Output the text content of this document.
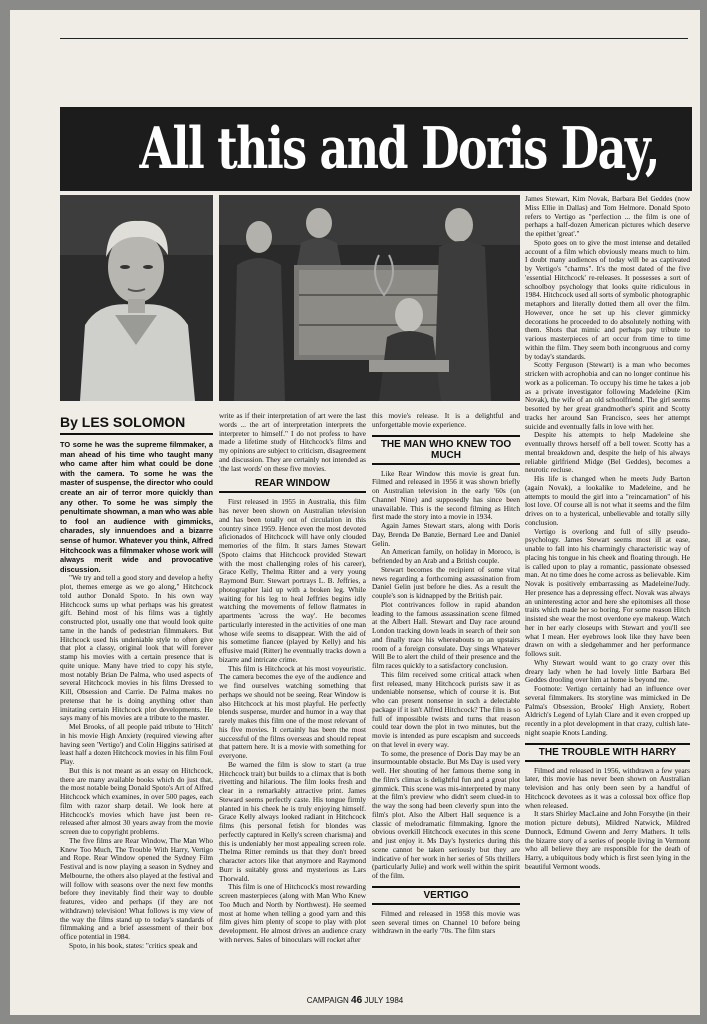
All this and Doris Day,
By LES SOLOMON

TO some he was the supreme filmmaker, a man ahead of his time who taught many who came after him what could be done with the camera. To some he was the master of suspense, the director who could create an air of terror more quickly than any other. To some he was simply the penultimate showman, a man who was able to fool an audience with gimmicks, charades, sly innuendoes and a bizarre sense of humor. Whatever you think, Alfred Hitchcock was a filmmaker whose work will always merit wide and provocative discussion.

"We try and tell a good story and develop a hefty plot, themes emerge as we go along," Hitchcock told author Donald Spoto. In his own way Hitchcock sums up what perhaps was his greatest gift. Behind most of his films was a tightly constructed plot, usually one that would look quite tame in the hands of pedestrian filmmakers. But Hitchcock used his undeniable style to often give that plot a classy, original look that will forever stamp his movies with a certain presence that is quite unique. Many have tried to copy his style, most notably Brian De Palma, who used aspects of several Hitchcock movies in his films Dressed to Kill, Obsession and Carrie. De Palma makes no pretense that he is doing anything other than imitating certain Hitchcock plot developments. He says many of his movies are a tribute to the master.

Mel Brooks, of all people paid tribute to 'Hitch' in his movie High Anxiety (required viewing after having seen 'Vertigo') and Colin Higgins satirised at least half a dozen Hitchcock movies in his film Foul Play.

But this is not meant as an essay on Hitchcock, there are many available books which do just that, the most notable being Donald Spoto's Art of Alfred Hitchcock which examines, in over 500 pages, each film with razor sharp detail. We look here at Hitchcock's movies which have just been re-released after almost 30 years away from the movie screen due to copyright problems.

The five films are Rear Window, The Man Who Knew Too Much, The Trouble With Harry, Vertigo and Rope. Rear Window opened the Sydney Film Festival and is now playing a season in Sydney and Melbourne, the others also played at the festival and will follow with seasons over the next few months before they inevitably find their way to double features, video and perhaps (if they are not withdrawn) television! What follows is my view of the way the films stand up to today's standards of filmmaking and a brief assessment of their box office potential in 1984.

Spoto, in his book, states: "critics speak and

write as if their interpretation of art were the last words ... the art of interpretation interprets the interpreter to himself." I do not profess to have made a lifetime study of Hitchcock's films and my opinions are subject to criticism, disagreement and discussion. They are certainly not intended as 'the last words' on these five movies.

REAR WINDOW

First released in 1955 in Australia, this film has never been shown on Australian television and has been totally out of circulation in this country since 1959. Hence even the most devoted aficionados of Hitchcock will have only clouded memories of the film. It stars James Stewart (Spoto claims that Hitchcock provided Stewart with the most challenging roles of his career), Grace Kelly, Thelma Ritter and a very young Raymond Burr. Stewart portrays L. B. Jeffries, a photographer laid up with a broken leg. While waiting for his leg to heal Jeffries begins idly watching the movements of fellow flatmates in apartments 'across the way'. He becomes particularly interested in the activities of one man whose wife seems to disappear. With the aid of his sometime fiancee (played by Kelly) and his effusive maid (Ritter) he eventually tracks down a bizarre and intricate crime.

This film is Hitchcock at his most voyeuristic. The camera becomes the eye of the audience and we find ourselves watching something that perhaps we should not be seeing. Rear Window is also Hitchcock at his most playful. He perfectly blends suspense, murder and humor in a way that rarely makes this film one of the most relevant of his five movies. It certainly has been the most successful of the films overseas and should repeat that pattern here. It is a movie with something for everyone.

Be warned the film is slow to start (a true Hitchcock trait) but builds to a climax that is both rivetting and hilarious. The film looks fresh and clear in a remarkably attractive print. James Steward seems perfectly caste. His tongue firmly planted in his cheek he is truly enjoying himself. Grace Kelly always looked radiant in Hitchcock films (his personal fetish for blondes was perfectly captured in Kelly's screen charisma) and this is undeniably her most appealing screen role. Thelma Ritter reminds us that they don't breed character actors like that anymore and Raymond Burr is suitably gross and mysterious as Lars Thorwald.

This film is one of Hitchcock's most rewarding screen masterpieces (along with Man Who Knew Too Much and North by Northwest). He seemed most at home when telling a good yarn and this film gives him plenty of scope to play with plot development. He almost drives an audience crazy with nerves. Sales of binoculars will rocket after

this movie's release. It is a delightful and unforgettable movie experience.

THE MAN WHO KNEW TOO MUCH

Like Rear Window this movie is great fun. Filmed and released in 1956 it was shown briefly on Australian television in the early '60s (on Channel Nine) and supposedly has since been unavailable. This is the second filming as Hitch first made the story into a movie in 1934.

Again James Stewart stars, along with Doris Day, Brenda De Banzie, Bernard Lee and Daniel Gelin.

An American family, on holiday in Moroco, is befriended by an Arab and a British couple.

Stewart becomes the recipient of some vital news regarding a forthcoming assassination from Daniel Gelin just before he dies. As a result the couple's son is kidnapped by the British pair.

Plot contrivances follow in rapid abandon leading to the famous assassination scene filmed at the Albert Hall. Stewart and Day race around London tracking down leads in search of their son and finally trace his whereabouts to an upstairs room of a foreign consulate. Day sings Whatever Will Be to alert the child of their presence and the film races quickly to a satisfactory conclusion.

This film received some critical attack when first released, many Hitchcock purists saw it as undeniable nonsense, which of course it is. But who can present nonsense in such a delectable package if it isn't Alfred Hitchcock? The film is so full of impossible twists and turns that reason could tear down the plot in two minutes, but the movie is intended as pure escapism and succeeds on that level in every way.

To some, the presence of Doris Day may be an insurmountable obstacle. But Ms Day is used very well. Her shouting of her famous theme song in the film's climax is delightful fun and a great plot gimmick. This scene was mis-interpreted by many at the film's preview who didn't seem clued-in to the way the song had been cleverly spun into the film's plot. Also the Albert Hall sequence is a classic of melodramatic filmmaking. Ignore the obvious overkill Hitchcock executes in this scene and just enjoy it. Ms Day's hysterics during this scene cannot be taken seriously but they are indicative of her work in her series of 50s thrillers (particularly Julie) and work well within the spirit of the film.

VERTIGO

Filmed and released in 1958 this movie was seen several times on Channel 10 before being withdrawn in the early '70s. The film stars

James Stewart, Kim Novak, Barbara Bel Geddes (now Miss Ellie in Dallas) and Tom Helmore. Donald Spoto refers to Vertigo as "perfection ... the film is one of perhaps a half-dozen American pictures which deserve the epithet 'great'."

Spoto goes on to give the most intense and detailed account of a film which obviously means much to him. I doubt many audiences of today will be as captivated by Vertigo's "charms". It's the most dated of the five 'essential Hitchcock' re-releases. It possesses a sort of schoolboy psychology that looks quite ridiculous in 1984. Hitchcock used all sorts of symbolic photographic metaphors and literally dotted them all over the film. However, once he set up his clever gimmicky decorations he proceeded to do absolutely nothing with them. Shots that mimic and perhaps pay tribute to various masterpieces of art occur from time to time within the film. They seem both incongruous and corny by today's standards.

Scotty Ferguson (Stewart) is a man who becomes stricken with acrophobia and can no longer continue his work as a policeman. To occupy his time he takes a job as a private investigator following Madeleine (Kim Novak), the wife of an old schoolfriend. The girl seems besotted by her great grandmother's spirit and Scotty tracks her around San Francisco, sees her attempt suicide and eventually falls in love with her.

Despite his attempts to help Madeleine she eventually throws herself off a bell tower. Scotty has a mental breakdown and, despite the help of his always reliable girlfriend Midge (Bel Geddes), becomes a neurotic recluse.

His life is changed when he meets Judy Barton (again Novak), a lookalike to Madeleine, and he attempts to mould the girl into a "reincarnation" of his lost love. Of course all is not what it seems and the film drives on to a hysterical, unbelievable and totally silly conclusion.

Vertigo is overlong and full of silly pseudo-psychology. James Stewart seems most ill at ease, unable to fall into his charmingly characteristic way of placing his tongue in his cheek and floating through. He is called upon to play a romantic, passionate obsessed man. At no time does he come across as believable. Kim Novak is positively embarrassing as Madeleine/Judy. Her presence has a depressing effect. Novak was always an uninteresting actor and here she epitomises all those traits which made her so boring. For some reason Hitch insisted she wear the most overdone eye makeup. Watch her in her early closeups with Stewart and you'll see what I mean. Her eyebrows look like they have been drawn on with a sledgehammer and her performance follows suit.

Why Stewart would want to go crazy over this dreary lady when he had lovely little Barbara Bel Geddes drooling over him at home is beyond me.

Footnote: Vertigo certainly had an influence over several filmmakers. Its storyline was mimicked in De Palma's Obsession, Brooks' High Anxiety, Robert Aldrich's Legend of Lylah Clare and it even cropped up recently in a plot development in that crazy, cultish late-night soapie Knots Landing.

THE TROUBLE WITH HARRY

Filmed and released in 1956, withdrawn a few years later, this movie has never been shown on Australian television and has only been seen by a handful of Hitchcock devotees as it was a colossal box office flop when released.

It stars Shirley MacLaine and John Forsythe (in their motion picture debuts), Mildred Natwick, Mildred Dunnock, Edmund Gwenn and Jerry Mathers. It tells the bizarre story of a series of people living in Vermont who all believe they are responsible for the death of Harry, a ubiquitous body which is first seen lying in the beautiful Vermont woods.

CAMPAIGN 46 JULY 1984
